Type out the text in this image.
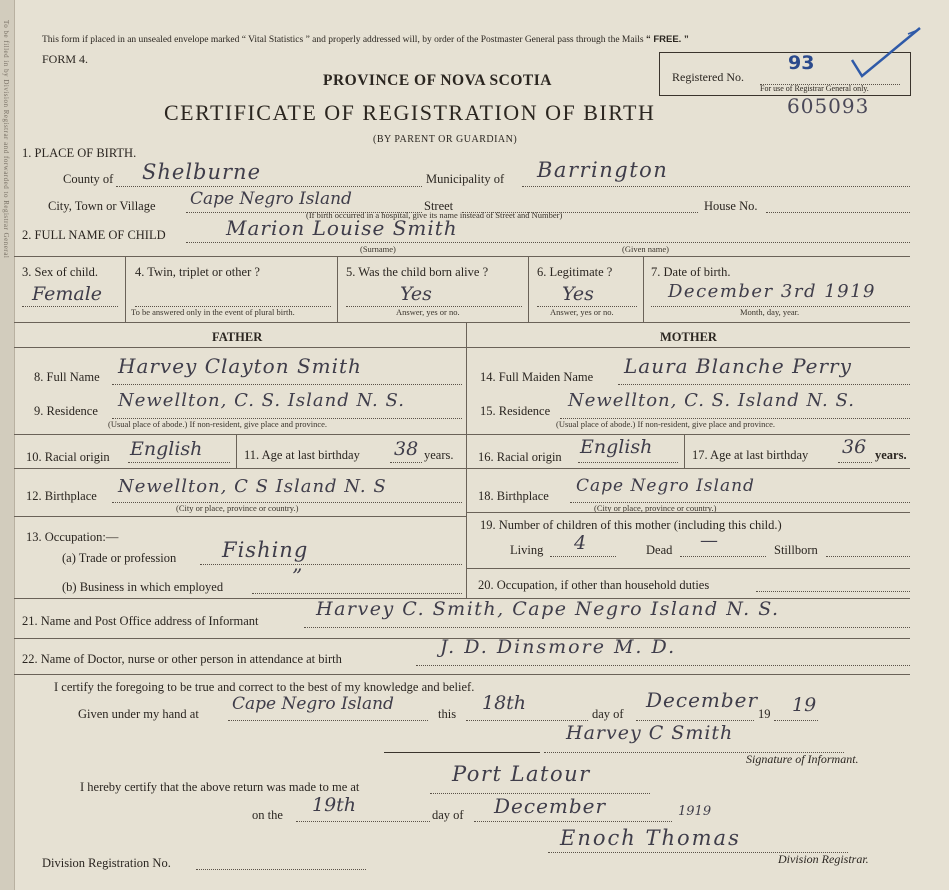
To be filled in by Division Registrar and forwarded to Registrar General	This form if placed in an unsealed envelope marked “ Vital Statistics ” and properly addressed will, by order of the Postmaster General pass through the Mails “ FREE. ”
FORM 4.
PROVINCE OF NOVA SCOTIA
CERTIFICATE OF REGISTRATION OF BIRTH
(BY PARENT OR GUARDIAN)
Registered No.
93
For use of Registrar General only.
605093
1. PLACE OF BIRTH.
County of Shelburne	Municipality of Barrington
City, Town or Village Cape Negro Island	Street	House No.
(If birth occurred in a hospital, give its name instead of Street and Number)
2. FULL NAME OF CHILD	Marion Louise Smith
(Surname)	(Given name)
3. Sex of child.
Female
4. Twin, triplet or other ?
To be answered only in the event of plural birth.
5. Was the child born alive ?
Yes
Answer, yes or no.
6. Legitimate ?
Yes
Answer, yes or no.
7. Date of birth.
December 3rd 1919
Month, day, year.
FATHER	MOTHER
8. Full Name Harvey Clayton Smith
9. Residence Newellton, C. S. Island N. S.
(Usual place of abode.) If non-resident, give place and province.
10. Racial origin English	11. Age at last birthday 38 years.
12. Birthplace Newellton, C S Island N. S
(City or place, province or country.)
13. Occupation:—
(a) Trade or profession Fishing
(b) Business in which employed	”
14. Full Maiden Name Laura Blanche Perry
15. Residence Newellton, C. S. Island N. S.
(Usual place of abode.) If non-resident, give place and province.
16. Racial origin English	17. Age at last birthday 36 years.
18. Birthplace Cape Negro Island
(City or place, province or country.)
19. Number of children of this mother (including this child.)
Living 4	Dead —	Stillborn
20. Occupation, if other than household duties
21. Name and Post Office address of Informant
Harvey C. Smith, Cape Negro Island N. S.
22. Name of Doctor, nurse or other person in attendance at birth
J. D. Dinsmore M. D.
I certify the foregoing to be true and correct to the best of my knowledge and belief.
Given under my hand at Cape Negro Island	this 18th	day of
December
19 19
Harvey C Smith
Signature of Informant.
I hereby certify that the above return was made to me at
Port Latour
on the 19th	day of December	1919
Enoch Thomas
Division Registration No.	Division Registrar.
